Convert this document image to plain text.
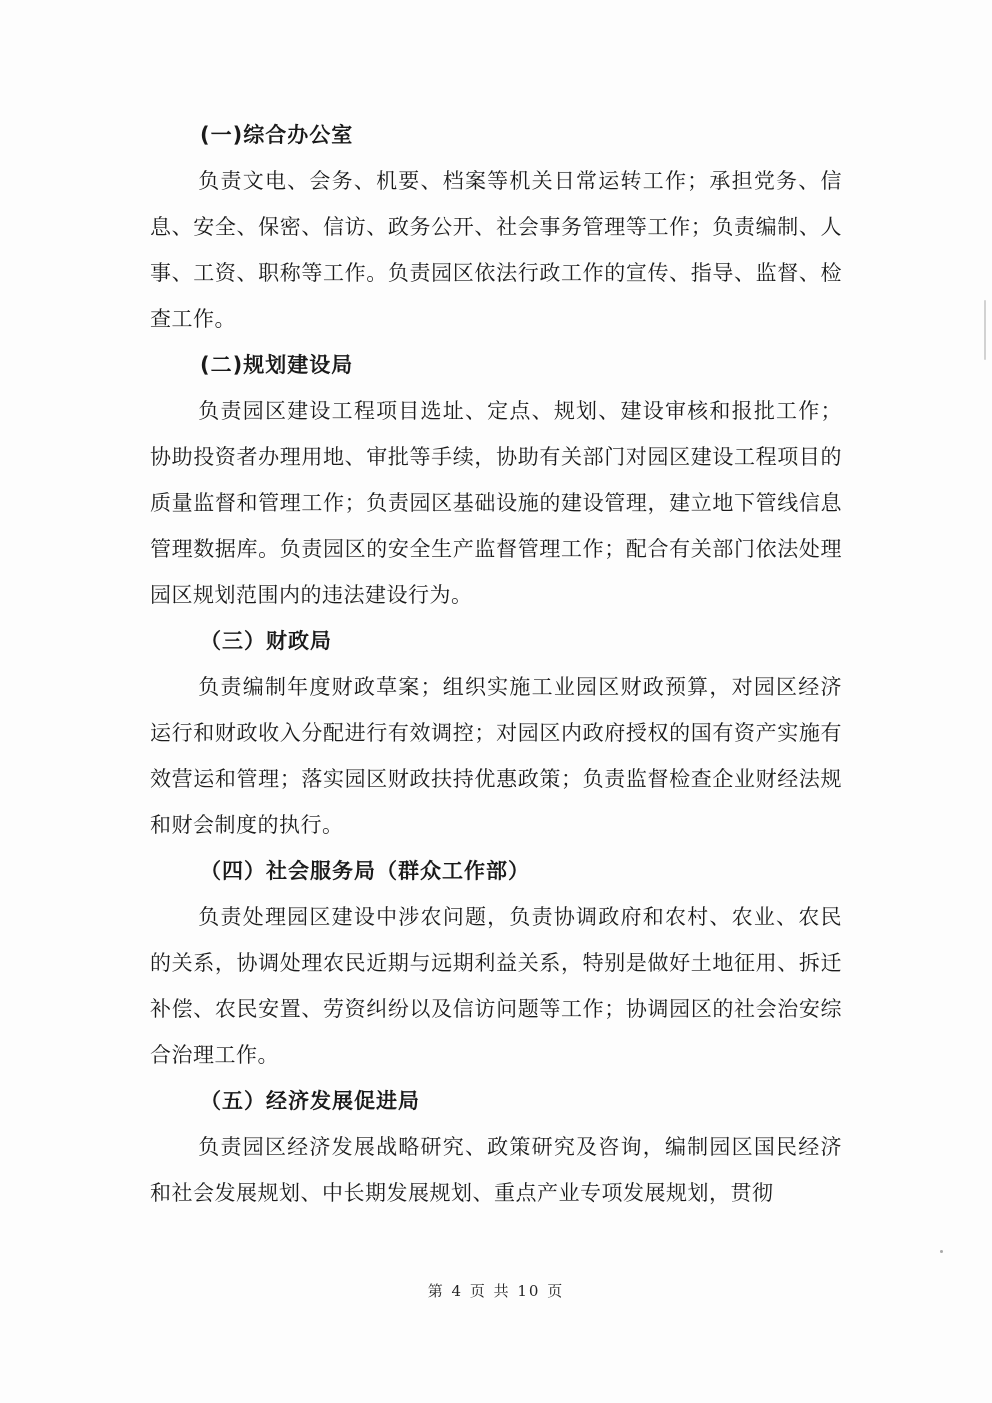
(一)综合办公室

负责文电、会务、机要、档案等机关日常运转工作；承担党务、信息、安全、保密、信访、政务公开、社会事务管理等工作；负责编制、人事、工资、职称等工作。负责园区依法行政工作的宣传、指导、监督、检查工作。

(二)规划建设局

负责园区建设工程项目选址、定点、规划、建设审核和报批工作；协助投资者办理用地、审批等手续，协助有关部门对园区建设工程项目的质量监督和管理工作；负责园区基础设施的建设管理，建立地下管线信息管理数据库。负责园区的安全生产监督管理工作；配合有关部门依法处理园区规划范围内的违法建设行为。

（三）财政局

负责编制年度财政草案；组织实施工业园区财政预算，对园区经济运行和财政收入分配进行有效调控；对园区内政府授权的国有资产实施有效营运和管理；落实园区财政扶持优惠政策；负责监督检查企业财经法规和财会制度的执行。

（四）社会服务局（群众工作部）

负责处理园区建设中涉农问题，负责协调政府和农村、农业、农民的关系，协调处理农民近期与远期利益关系，特别是做好土地征用、拆迁补偿、农民安置、劳资纠纷以及信访问题等工作；协调园区的社会治安综合治理工作。

（五）经济发展促进局

负责园区经济发展战略研究、政策研究及咨询，编制园区国民经济和社会发展规划、中长期发展规划、重点产业专项发展规划，贯彻

第 4 页 共 10 页
